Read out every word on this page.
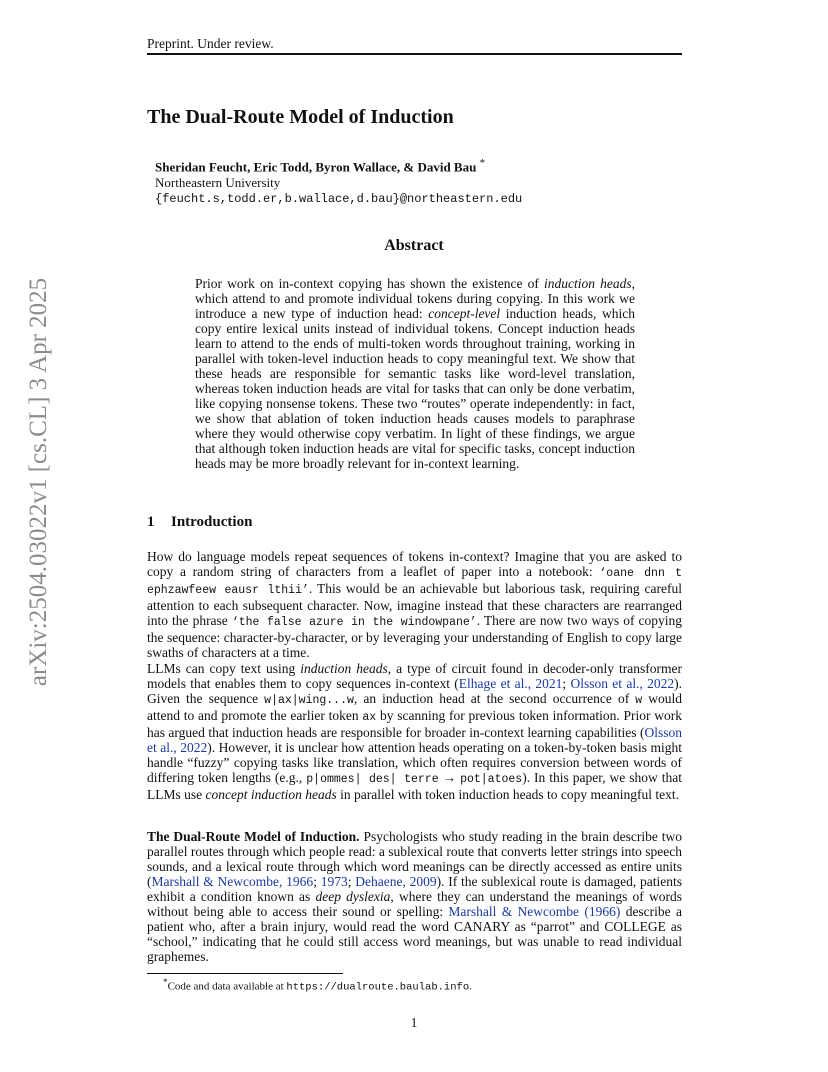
Preprint. Under review.
arXiv:2504.03022v1 [cs.CL] 3 Apr 2025
The Dual-Route Model of Induction
Sheridan Feucht, Eric Todd, Byron Wallace, & David Bau *
Northeastern University
{feucht.s,todd.er,b.wallace,d.bau}@northeastern.edu
Abstract
Prior work on in-context copying has shown the existence of induction heads, which attend to and promote individual tokens during copying. In this work we introduce a new type of induction head: concept-level induction heads, which copy entire lexical units instead of individual tokens. Concept induction heads learn to attend to the ends of multi-token words throughout training, working in parallel with token-level induction heads to copy meaningful text. We show that these heads are responsible for semantic tasks like word-level translation, whereas token induction heads are vital for tasks that can only be done verbatim, like copying nonsense tokens. These two “routes” operate independently: in fact, we show that ablation of token induction heads causes models to paraphrase where they would otherwise copy verbatim. In light of these findings, we argue that although token induction heads are vital for specific tasks, concept induction heads may be more broadly relevant for in-context learning.
1 Introduction
How do language models repeat sequences of tokens in-context? Imagine that you are asked to copy a random string of characters from a leaflet of paper into a notebook: ‘oane dnn t ephzawfeew eausr lthii’. This would be an achievable but laborious task, requiring careful attention to each subsequent character. Now, imagine instead that these characters are rearranged into the phrase ‘the false azure in the windowpane’. There are now two ways of copying the sequence: character-by-character, or by leveraging your understanding of English to copy large swaths of characters at a time.
LLMs can copy text using induction heads, a type of circuit found in decoder-only transformer models that enables them to copy sequences in-context (Elhage et al., 2021; Olsson et al., 2022). Given the sequence w|ax|wing...w, an induction head at the second occurrence of w would attend to and promote the earlier token ax by scanning for previous token information. Prior work has argued that induction heads are responsible for broader in-context learning capabilities (Olsson et al., 2022). However, it is unclear how attention heads operating on a token-by-token basis might handle “fuzzy” copying tasks like translation, which often requires conversion between words of differing token lengths (e.g., p|ommes| des| terre → pot|atoes). In this paper, we show that LLMs use concept induction heads in parallel with token induction heads to copy meaningful text.
The Dual-Route Model of Induction. Psychologists who study reading in the brain describe two parallel routes through which people read: a sublexical route that converts letter strings into speech sounds, and a lexical route through which word meanings can be directly accessed as entire units (Marshall & Newcombe, 1966; 1973; Dehaene, 2009). If the sublexical route is damaged, patients exhibit a condition known as deep dyslexia, where they can understand the meanings of words without being able to access their sound or spelling: Marshall & Newcombe (1966) describe a patient who, after a brain injury, would read the word CANARY as “parrot” and COLLEGE as “school,” indicating that he could still access word meanings, but was unable to read individual graphemes.
*Code and data available at https://dualroute.baulab.info.
1
